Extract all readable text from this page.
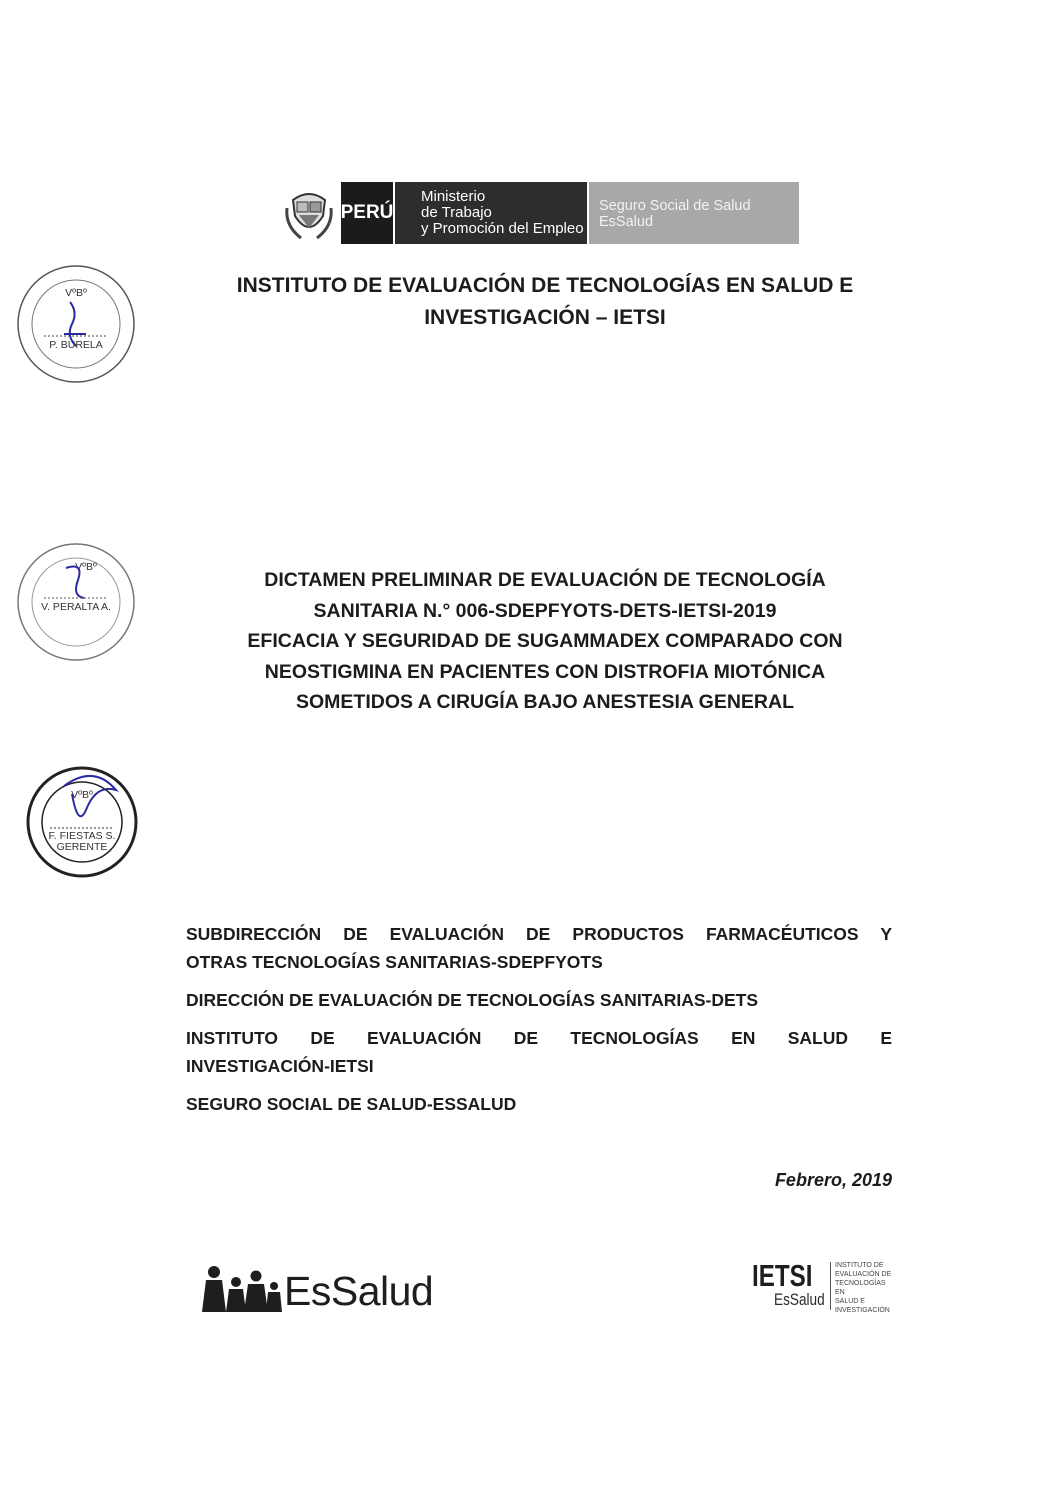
PERÚ
Ministerio
de Trabajo
y Promoción del Empleo
Seguro Social de Salud
EsSalud
INSTITUTO DE EVALUACIÓN DE TECNOLOGÍAS EN SALUD E
INVESTIGACIÓN – IETSI
VºBº
P. BURELA
VºBº
V. PERALTA A.
VºBº
F. FIESTAS S.
GERENTE
DICTAMEN PRELIMINAR DE EVALUACIÓN DE TECNOLOGÍA
SANITARIA N.° 006-SDEPFYOTS-DETS-IETSI-2019
EFICACIA Y SEGURIDAD DE SUGAMMADEX COMPARADO CON
NEOSTIGMINA EN PACIENTES CON DISTROFIA MIOTÓNICA
SOMETIDOS A CIRUGÍA BAJO ANESTESIA GENERAL
SUBDIRECCIÓN DE EVALUACIÓN DE PRODUCTOS FARMACÉUTICOS Y
OTRAS TECNOLOGÍAS SANITARIAS-SDEPFYOTS
DIRECCIÓN DE EVALUACIÓN DE TECNOLOGÍAS SANITARIAS-DETS
INSTITUTO DE EVALUACIÓN DE TECNOLOGÍAS EN SALUD E
INVESTIGACIÓN-IETSI
SEGURO SOCIAL DE SALUD-ESSALUD
Febrero, 2019
EsSalud	IETSI
EsSalud
INSTITUTO DE
EVALUACIÓN DE
TECNOLOGÍAS EN
SALUD E
INVESTIGACIÓN
